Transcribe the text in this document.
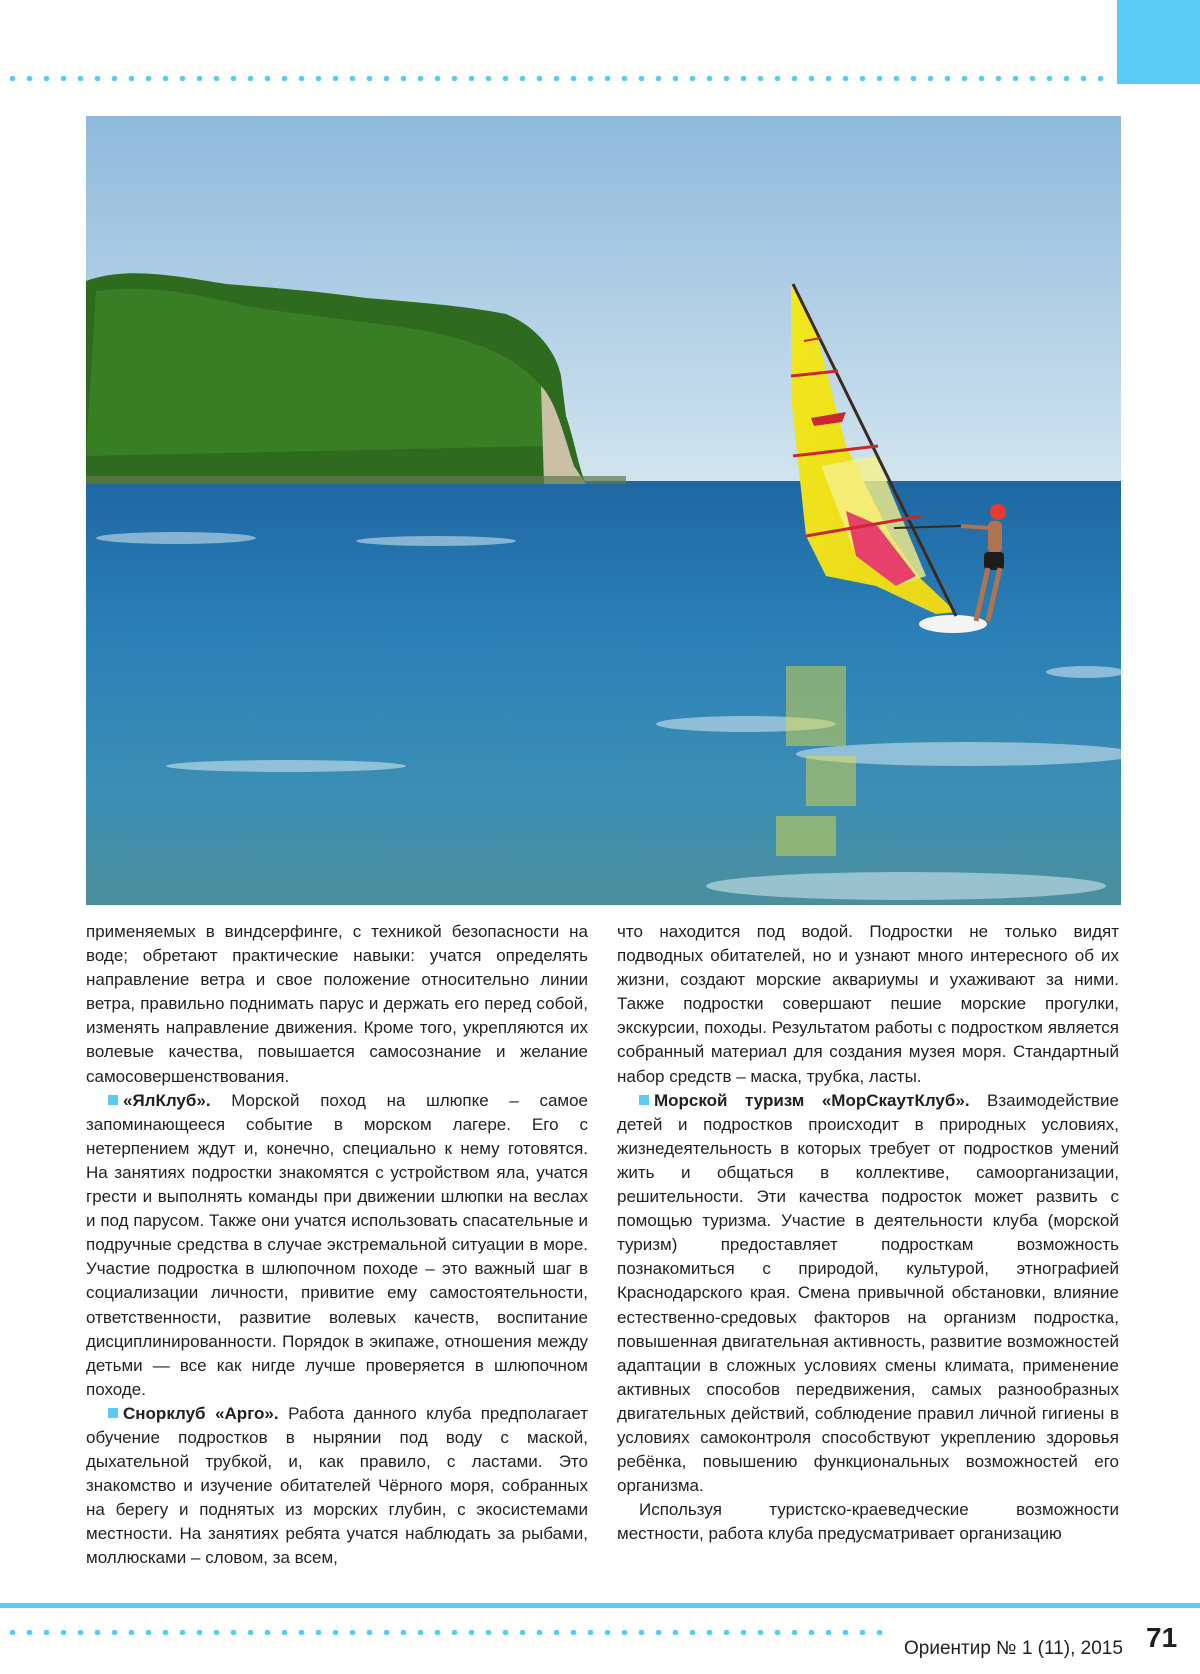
применяемых в виндсерфинге, с техникой безопасности на воде; обретают практические навыки: учатся определять направление ветра и свое положение относительно линии ветра, правильно поднимать парус и держать его перед собой, изменять направление движения. Кроме того, укрепляются их волевые качества, повышается самосознание и желание самосовершенствования.

«ЯлКлуб». Морской поход на шлюпке – самое запоминающееся событие в морском лагере. Его с нетерпением ждут и, конечно, специально к нему готовятся. На занятиях подростки знакомятся с устройством яла, учатся грести и выполнять команды при движении шлюпки на веслах и под парусом. Также они учатся использовать спасательные и подручные средства в случае экстремальной ситуации в море. Участие подростка в шлюпочном походе – это важный шаг в социализации личности, привитие ему самостоятельности, ответственности, развитие волевых качеств, воспитание дисциплинированности. Порядок в экипаже, отношения между детьми — все как нигде лучше проверяется в шлюпочном походе.

Снорклуб «Арго». Работа данного клуба предполагает обучение подростков в нырянии под воду с маской, дыхательной трубкой, и, как правило, с ластами. Это знакомство и изучение обитателей Чёрного моря, собранных на берегу и поднятых из морских глубин, с экосистемами местности. На занятиях ребята учатся наблюдать за рыбами, моллюсками – словом, за всем,

что находится под водой. Подростки не только видят подводных обитателей, но и узнают много интересного об их жизни, создают морские аквариумы и ухаживают за ними. Также подростки совершают пешие морские прогулки, экскурсии, походы. Результатом работы с подростком является собранный материал для создания музея моря. Стандартный набор средств – маска, трубка, ласты.

Морской туризм «МорСкаутКлуб». Взаимодействие детей и подростков происходит в природных условиях, жизнедеятельность в которых требует от подростков умений жить и общаться в коллективе, самоорганизации, решительности. Эти качества подросток может развить с помощью туризма. Участие в деятельности клуба (морской туризм) предоставляет подросткам возможность познакомиться с природой, культурой, этнографией Краснодарского края. Смена привычной обстановки, влияние естественно-средовых факторов на организм подростка, повышенная двигательная активность, развитие возможностей адаптации в сложных условиях смены климата, применение активных способов передвижения, самых разнообразных двигательных действий, соблюдение правил личной гигиены в условиях самоконтроля способствуют укреплению здоровья ребёнка, повышению функциональных возможностей его организма.

Используя туристско-краеведческие возможности местности, работа клуба предусматривает организацию

Ориентир № 1 (11), 2015 71
